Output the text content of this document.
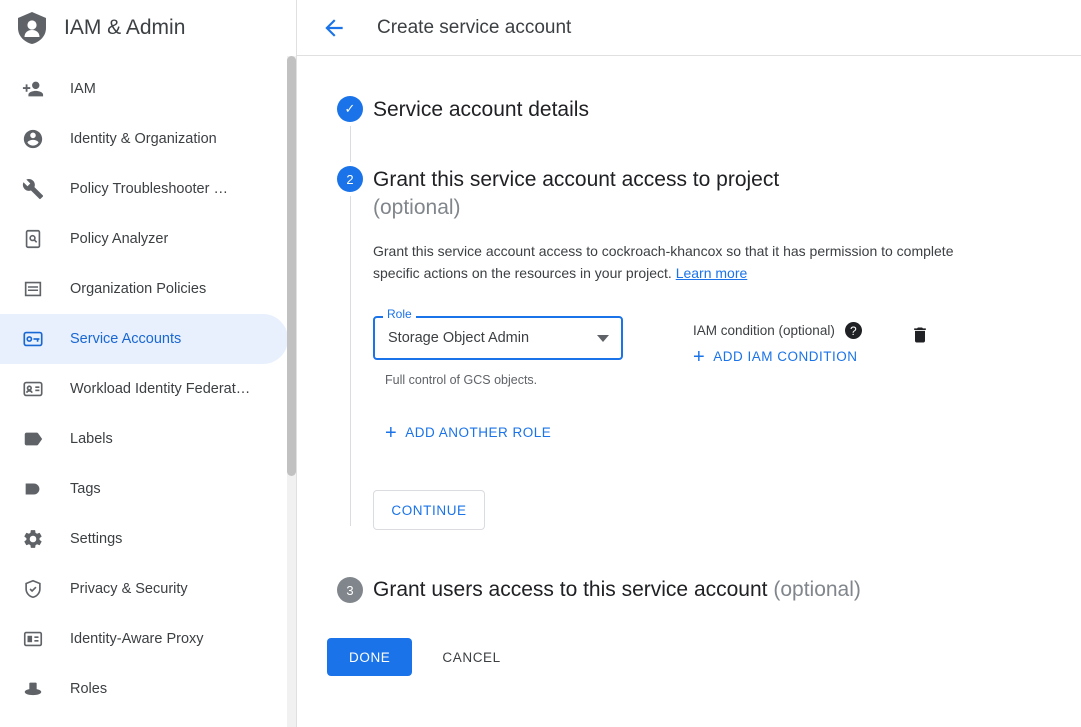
IAM & Admin
IAM
Identity & Organization
Policy Troubleshooter …
Policy Analyzer
Organization Policies
Service Accounts
Workload Identity Federat…
Labels
Tags
Settings
Privacy & Security
Identity-Aware Proxy
Roles
Create service account
✓ Service account details
2 Grant this service account access to project
(optional)
Grant this service account access to cockroach-khancox so that it has permission to complete specific actions on the resources in your project. Learn more
Role
Storage Object Admin
Full control of GCS objects.
IAM condition (optional)	?
+ ADD IAM CONDITION
+ ADD ANOTHER ROLE
CONTINUE
3 Grant users access to this service account (optional)
DONE	CANCEL
